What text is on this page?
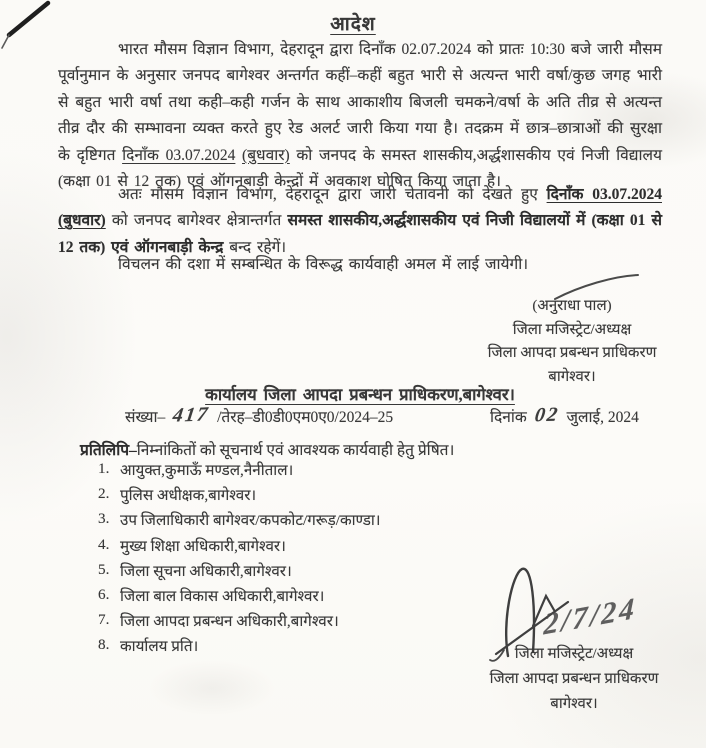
आदेश
भारत मौसम विज्ञान विभाग, देहरादून द्वारा दिनाँक 02.07.2024 को प्रातः 10:30 बजे जारी मौसम पूर्वानुमान के अनुसार जनपद बागेश्वर अन्तर्गत कहीं–कहीं बहुत भारी से अत्यन्त भारी वर्षा/कुछ जगह भारी से बहुत भारी वर्षा तथा कही–कही गर्जन के साथ आकाशीय बिजली चमकने/वर्षा के अति तीव्र से अत्यन्त तीव्र दौर की सम्भावना व्यक्त करते हुए रेड अलर्ट जारी किया गया है। तदक्रम में छात्र–छात्राओं की सुरक्षा के दृष्टिगत दिनाँक 03.07.2024 (बुधवार) को जनपद के समस्त शासकीय,अर्द्धशासकीय एवं निजी विद्यालय (कक्षा 01 से 12 तक) एवं ऑगनबाड़ी केन्द्रों में अवकाश घोषित किया जाता है।
अतः मौसम विज्ञान विभाग, देहरादून द्वारा जारी चेतावनी को देखते हुए दिनाँक 03.07.2024 (बुधवार) को जनपद बागेश्वर क्षेत्रान्तर्गत समस्त शासकीय,अर्द्धशासकीय एवं निजी विद्यालयों में (कक्षा 01 से 12 तक) एवं ऑगनबाड़ी केन्द्र बन्द रहेगें।
विचलन की दशा में सम्बन्धित के विरूद्ध कार्यवाही अमल में लाई जायेगी।
(अनुराधा पाल)
जिला मजिस्ट्रेट/अध्यक्ष
जिला आपदा प्रबन्धन प्राधिकरण
बागेश्वर।
कार्यालय जिला आपदा प्रबन्धन प्राधिकरण,बागेश्वर।
संख्या– 417 /तेरह–डी0डी0एम0ए0/2024–25	दिनांक 02 जुलाई, 2024
प्रतिलिपि–निम्नांकितों को सूचनार्थ एवं आवश्यक कार्यवाही हेतु प्रेषित।
1. आयुक्त,कुमाऊँ मण्डल,नैनीताल।
2. पुलिस अधीक्षक,बागेश्वर।
3. उप जिलाधिकारी बागेश्वर/कपकोट/गरूड़/काण्डा।
4. मुख्य शिक्षा अधिकारी,बागेश्वर।
5. जिला सूचना अधिकारी,बागेश्वर।
6. जिला बाल विकास अधिकारी,बागेश्वर।
7. जिला आपदा प्रबन्धन अधिकारी,बागेश्वर।
8. कार्यालय प्रति।
2/7/24
जिला मजिस्ट्रेट/अध्यक्ष
जिला आपदा प्रबन्धन प्राधिकरण
बागेश्वर।
